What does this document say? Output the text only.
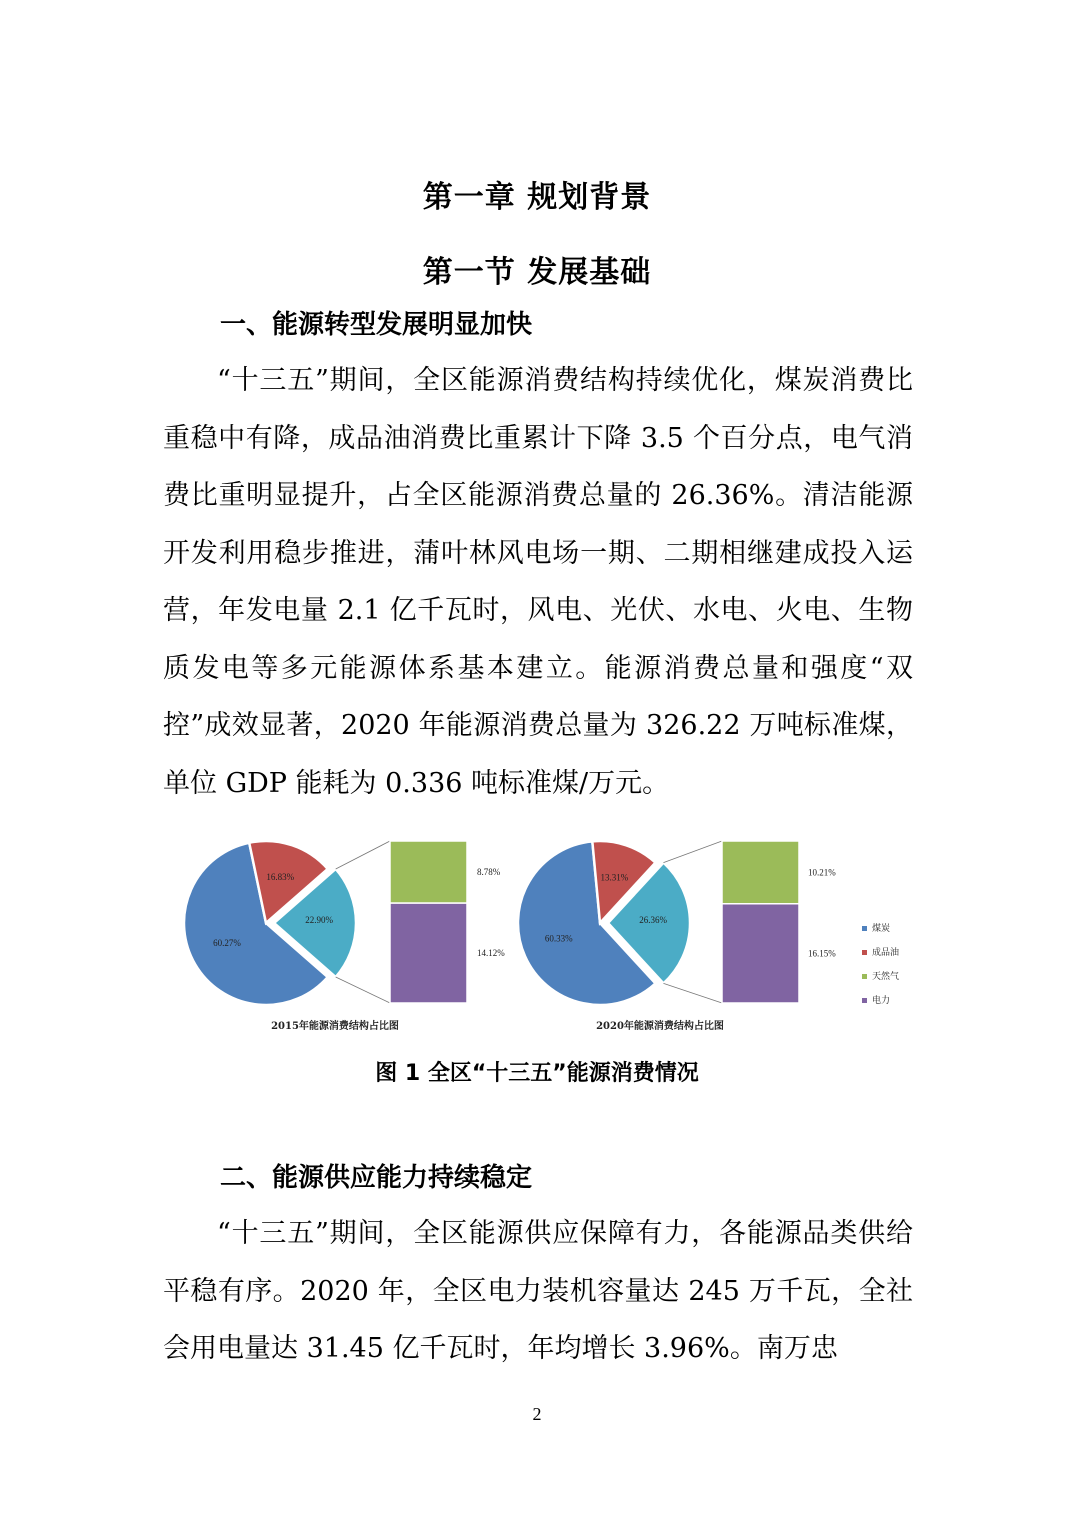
第一章 规划背景
第一节 发展基础
一、能源转型发展明显加快

“十三五”期间，全区能源消费结构持续优化，煤炭消费比重稳中有降，成品油消费比重累计下降 3.5 个百分点，电气消费比重明显提升，占全区能源消费总量的 26.36%。清洁能源开发利用稳步推进，蒲叶林风电场一期、二期相继建成投入运营，年发电量 2.1 亿千瓦时，风电、光伏、水电、火电、生物质发电等多元能源体系基本建立。能源消费总量和强度“双控”成效显著，2020 年能源消费总量为 326.22 万吨标准煤，单位 GDP 能耗为 0.336 吨标准煤/万元。

60.27%
16.83%
22.90%
8.78%
14.12%
2015年能源消费结构占比图
60.33%
13.31%
26.36%
10.21%
16.15%
2020年能源消费结构占比图
煤炭
成品油
天然气
电力
图 1 全区“十三五”能源消费情况
二、能源供应能力持续稳定

“十三五”期间，全区能源供应保障有力，各能源品类供给平稳有序。2020 年，全区电力装机容量达 245 万千瓦，全社会用电量达 31.45 亿千瓦时，年均增长 3.96%。南万忠

2
